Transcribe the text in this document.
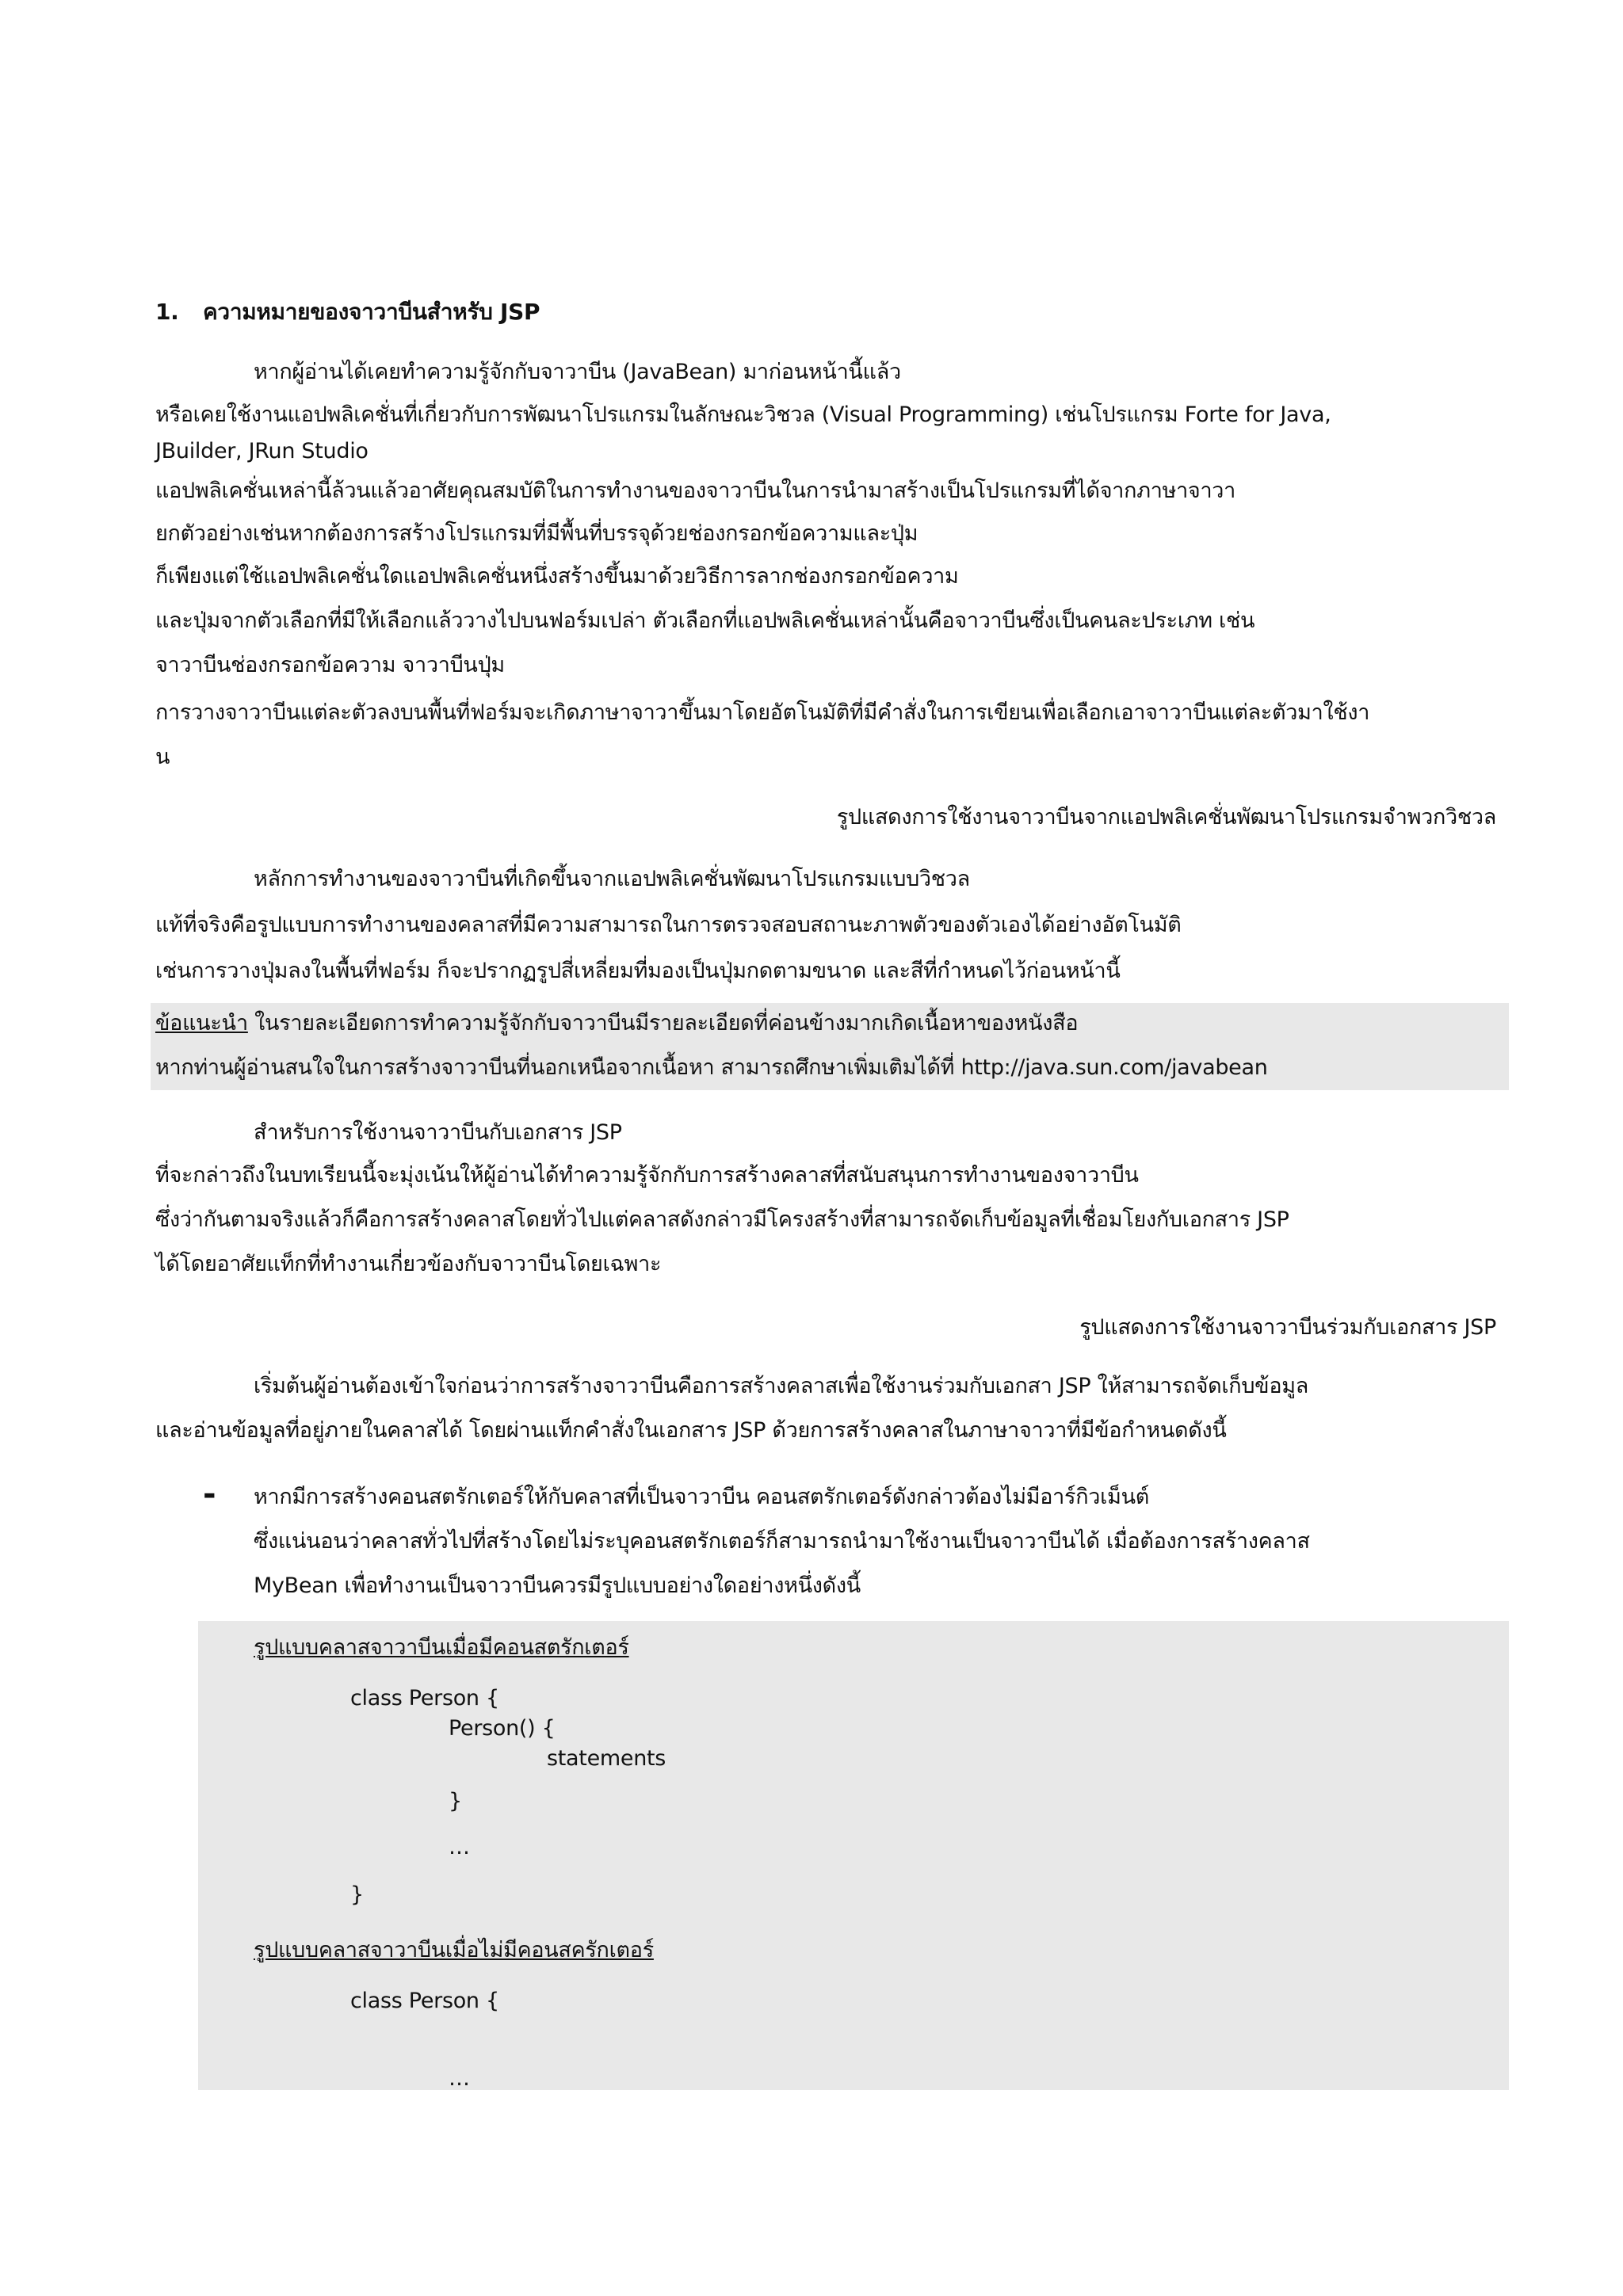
1. ความหมายของจาวาบีนสำหรับ JSP
หากผู้อ่านได้เคยทำความรู้จักกับจาวาบีน (JavaBean) มาก่อนหน้านี้แล้ว
หรือเคยใช้งานแอปพลิเคชั่นที่เกี่ยวกับการพัฒนาโปรแกรมในลักษณะวิชวล (Visual Programming) เช่นโปรแกรม Forte for Java,
JBuilder, JRun Studio
แอปพลิเคชั่นเหล่านี้ล้วนแล้วอาศัยคุณสมบัติในการทำงานของจาวาบีนในการนำมาสร้างเป็นโปรแกรมที่ได้จากภาษาจาวา
ยกตัวอย่างเช่นหากต้องการสร้างโปรแกรมที่มีพื้นที่บรรจุด้วยช่องกรอกข้อความและปุ่ม
ก็เพียงแต่ใช้แอปพลิเคชั่นใดแอปพลิเคชั่นหนึ่งสร้างขึ้นมาด้วยวิธีการลากช่องกรอกข้อความ
และปุ่มจากตัวเลือกที่มีให้เลือกแล้ววางไปบนฟอร์มเปล่า ตัวเลือกที่แอปพลิเคชั่นเหล่านั้นคือจาวาบีนซึ่งเป็นคนละประเภท เช่น
จาวาบีนช่องกรอกข้อความ จาวาบีนปุ่ม
การวางจาวาบีนแต่ละตัวลงบนพื้นที่ฟอร์มจะเกิดภาษาจาวาขึ้นมาโดยอัตโนมัติที่มีคำสั่งในการเขียนเพื่อเลือกเอาจาวาบีนแต่ละตัวมาใช้งา
น
รูปแสดงการใช้งานจาวาบีนจากแอปพลิเคชั่นพัฒนาโปรแกรมจำพวกวิชวล
หลักการทำงานของจาวาบีนที่เกิดขึ้นจากแอปพลิเคชั่นพัฒนาโปรแกรมแบบวิชวล
แท้ที่จริงคือรูปแบบการทำงานของคลาสที่มีความสามารถในการตรวจสอบสถานะภาพตัวของตัวเองได้อย่างอัตโนมัติ
เช่นการวางปุ่มลงในพื้นที่ฟอร์ม ก็จะปรากฏรูปสี่เหลี่ยมที่มองเป็นปุ่มกดตามขนาด และสีที่กำหนดไว้ก่อนหน้านี้
ข้อแนะนำ ในรายละเอียดการทำความรู้จักกับจาวาบีนมีรายละเอียดที่ค่อนข้างมากเกิดเนื้อหาของหนังสือ
หากท่านผู้อ่านสนใจในการสร้างจาวาบีนที่นอกเหนือจากเนื้อหา สามารถศึกษาเพิ่มเติมได้ที่ http://java.sun.com/javabean
สำหรับการใช้งานจาวาบีนกับเอกสาร JSP
ที่จะกล่าวถึงในบทเรียนนี้จะมุ่งเน้นให้ผู้อ่านได้ทำความรู้จักกับการสร้างคลาสที่สนับสนุนการทำงานของจาวาบีน
ซึ่งว่ากันตามจริงแล้วก็คือการสร้างคลาสโดยทั่วไปแต่คลาสดังกล่าวมีโครงสร้างที่สามารถจัดเก็บข้อมูลที่เชื่อมโยงกับเอกสาร JSP
ได้โดยอาศัยแท็กที่ทำงานเกี่ยวข้องกับจาวาบีนโดยเฉพาะ
รูปแสดงการใช้งานจาวาบีนร่วมกับเอกสาร JSP
เริ่มต้นผู้อ่านต้องเข้าใจก่อนว่าการสร้างจาวาบีนคือการสร้างคลาสเพื่อใช้งานร่วมกับเอกสา JSP ให้สามารถจัดเก็บข้อมูล
และอ่านข้อมูลที่อยู่ภายในคลาสได้ โดยผ่านแท็กคำสั่งในเอกสาร JSP ด้วยการสร้างคลาสในภาษาจาวาที่มีข้อกำหนดดังนี้
- หากมีการสร้างคอนสตรักเตอร์ให้กับคลาสที่เป็นจาวาบีน คอนสตรักเตอร์ดังกล่าวต้องไม่มีอาร์กิวเม็นต์
ซึ่งแน่นอนว่าคลาสทั่วไปที่สร้างโดยไม่ระบุคอนสตรักเตอร์ก็สามารถนำมาใช้งานเป็นจาวาบีนได้ เมื่อต้องการสร้างคลาส
MyBean เพื่อทำงานเป็นจาวาบีนควรมีรูปแบบอย่างใดอย่างหนึ่งดังนี้
รูปแบบคลาสจาวาบีนเมื่อมีคอนสตรักเตอร์
class Person {
Person() {
statements
}
…
}
รูปแบบคลาสจาวาบีนเมื่อไม่มีคอนสครักเตอร์
class Person {
…
